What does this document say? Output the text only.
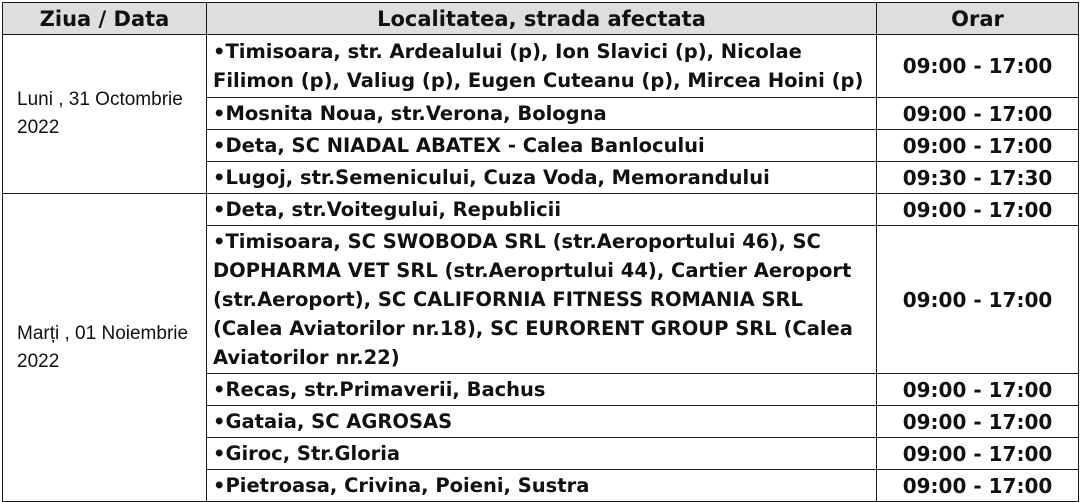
Ziua / Data	Localitatea, strada afectata	Orar
Luni , 31 Octombrie 2022	•Timisoara, str. Ardealului (p), Ion Slavici (p), Nicolae Filimon (p), Valiug (p), Eugen Cuteanu (p), Mircea Hoini (p)	09:00 - 17:00
	•Mosnita Noua, str.Verona, Bologna	09:00 - 17:00
	•Deta, SC NIADAL ABATEX - Calea Banlocului	09:00 - 17:00
	•Lugoj, str.Semenicului, Cuza Voda, Memorandului	09:30 - 17:30
Marți , 01 Noiembrie 2022	•Deta, str.Voitegului, Republicii	09:00 - 17:00
	•Timisoara, SC SWOBODA SRL (str.Aeroportului 46), SC DOPHARMA VET SRL (str.Aeroprtului 44), Cartier Aeroport (str.Aeroport), SC CALIFORNIA FITNESS ROMANIA SRL (Calea Aviatorilor nr.18), SC EURORENT GROUP SRL (Calea Aviatorilor nr.22)	09:00 - 17:00
	•Recas, str.Primaverii, Bachus	09:00 - 17:00
	•Gataia, SC AGROSAS	09:00 - 17:00
	•Giroc, Str.Gloria	09:00 - 17:00
	•Pietroasa, Crivina, Poieni, Sustra	09:00 - 17:00
